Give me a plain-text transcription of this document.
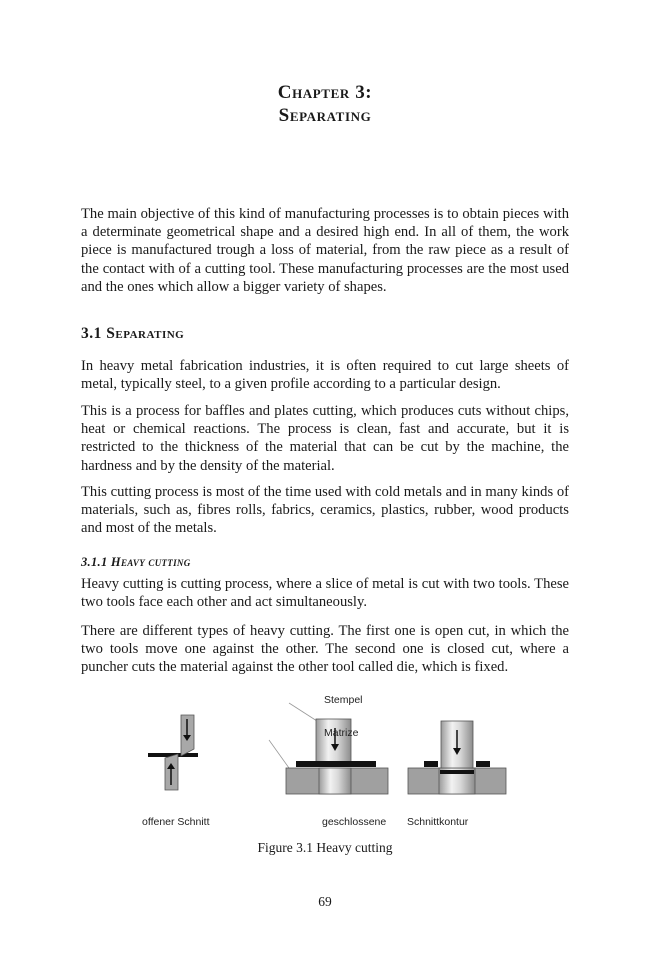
Chapter 3:
Separating

The main objective of this kind of manufacturing processes is to obtain pieces with a determinate geometrical shape and a desired high end. In all of them, the work piece is manufactured trough a loss of material, from the raw piece as a result of the contact with of a cutting tool. These manufacturing processes are the most used and the ones which allow a bigger variety of shapes.

3.1 Separating

In heavy metal fabrication industries, it is often required to cut large sheets of metal, typically steel, to a given profile according to a particular design.

This is a process for baffles and plates cutting, which produces cuts without chips, heat or chemical reactions. The process is clean, fast and accurate, but it is restricted to the thickness of the material that can be cut by the machine, the hardness and by the density of the material.

This cutting process is most of the time used with cold metals and in many kinds of materials, such as, fibres rolls, fabrics, ceramics, plastics, rubber, wood products and most of the metals.

3.1.1 Heavy cutting

Heavy cutting is cutting process, where a slice of metal is cut with two tools. These two tools face each other and act simultaneously.

There are different types of heavy cutting. The first one is open cut, in which the two tools move one against the other. The second one is closed cut, where a puncher cuts the material against the other tool called die, which is fixed.

Stempel
Matrize
offener Schnitt	geschlossene Schnittkontur
Figure 3.1 Heavy cutting
69
